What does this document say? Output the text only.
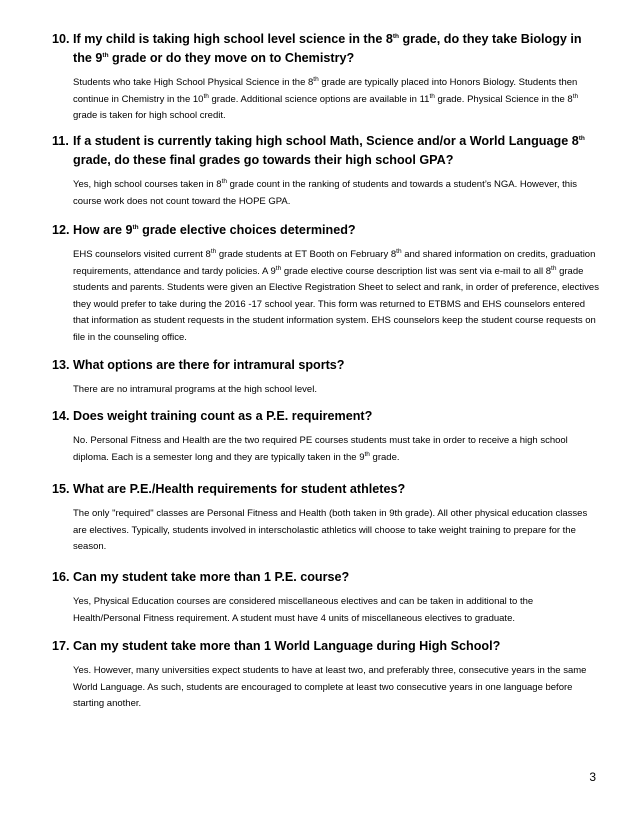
10. If my child is taking high school level science in the 8th grade, do they take Biology in the 9th grade or do they move on to Chemistry?

Students who take High School Physical Science in the 8th grade are typically placed into Honors Biology. Students then continue in Chemistry in the 10th grade. Additional science options are available in 11th grade. Physical Science in the 8th grade is taken for high school credit.

11. If a student is currently taking high school Math, Science and/or a World Language 8th grade, do these final grades go towards their high school GPA?

Yes, high school courses taken in 8th grade count in the ranking of students and towards a student’s NGA. However, this course work does not count toward the HOPE GPA.

12. How are 9th grade elective choices determined?

EHS counselors visited current 8th grade students at ET Booth on February 8th and shared information on credits, graduation requirements, attendance and tardy policies. A 9th grade elective course description list was sent via e-mail to all 8th grade students and parents. Students were given an Elective Registration Sheet to select and rank, in order of preference, electives they would prefer to take during the 2016 -17 school year. This form was returned to ETBMS and EHS counselors entered that information as student requests in the student information system. EHS counselors keep the student course requests on file in the counseling office.

13. What options are there for intramural sports?

There are no intramural programs at the high school level.

14. Does weight training count as a P.E. requirement?

No. Personal Fitness and Health are the two required PE courses students must take in order to receive a high school diploma. Each is a semester long and they are typically taken in the 9th grade.

15. What are P.E./Health requirements for student athletes?

The only "required" classes are Personal Fitness and Health (both taken in 9th grade). All other physical education classes are electives. Typically, students involved in interscholastic athletics will choose to take weight training to prepare for the season.

16. Can my student take more than 1 P.E. course?

Yes, Physical Education courses are considered miscellaneous electives and can be taken in additional to the Health/Personal Fitness requirement. A student must have 4 units of miscellaneous electives to graduate.

17. Can my student take more than 1 World Language during High School?

Yes. However, many universities expect students to have at least two, and preferably three, consecutive years in the same World Language. As such, students are encouraged to complete at least two consecutive years in one language before starting another.

3
